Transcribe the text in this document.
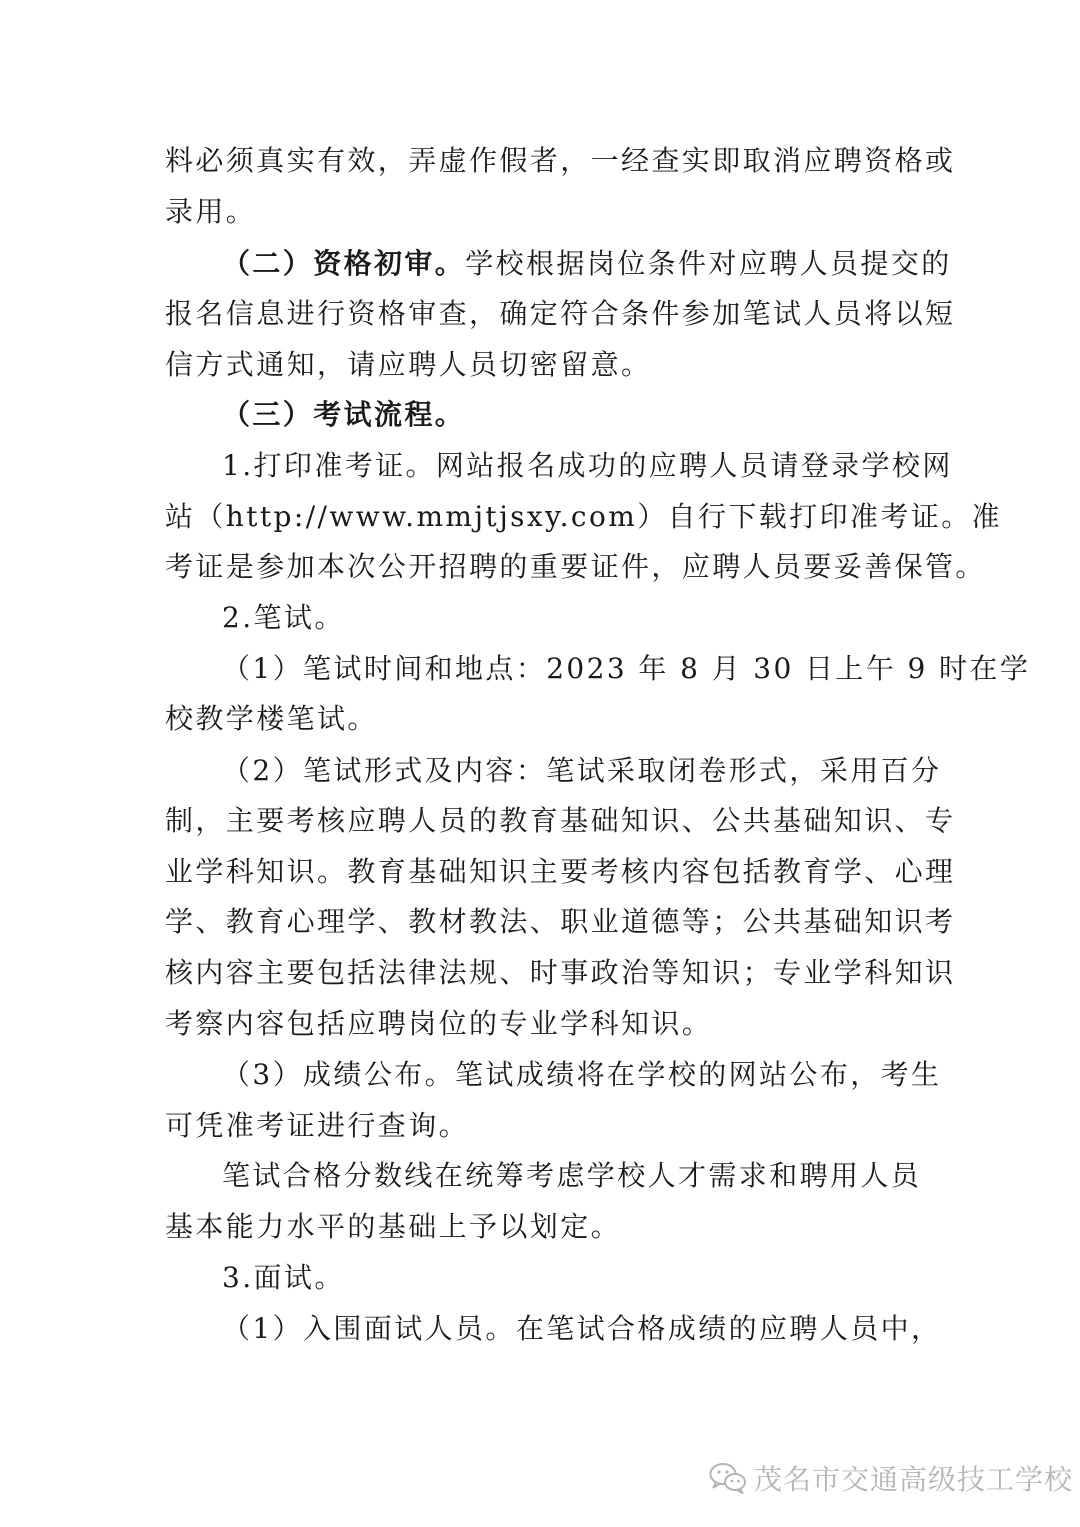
料必须真实有效，弄虚作假者，一经查实即取消应聘资格或
录用。
（二）资格初审。学校根据岗位条件对应聘人员提交的
报名信息进行资格审查，确定符合条件参加笔试人员将以短
信方式通知，请应聘人员切密留意。
（三）考试流程。
1.打印准考证。网站报名成功的应聘人员请登录学校网
站（http://www.mmjtjsxy.com）自行下载打印准考证。准
考证是参加本次公开招聘的重要证件，应聘人员要妥善保管。
2.笔试。
（1）笔试时间和地点：2023 年 8 月 30 日上午 9 时在学
校教学楼笔试。
（2）笔试形式及内容：笔试采取闭卷形式，采用百分
制，主要考核应聘人员的教育基础知识、公共基础知识、专
业学科知识。教育基础知识主要考核内容包括教育学、心理
学、教育心理学、教材教法、职业道德等；公共基础知识考
核内容主要包括法律法规、时事政治等知识；专业学科知识
考察内容包括应聘岗位的专业学科知识。
（3）成绩公布。笔试成绩将在学校的网站公布，考生
可凭准考证进行查询。
笔试合格分数线在统筹考虑学校人才需求和聘用人员
基本能力水平的基础上予以划定。
3.面试。
（1）入围面试人员。在笔试合格成绩的应聘人员中，
茂名市交通高级技工学校
